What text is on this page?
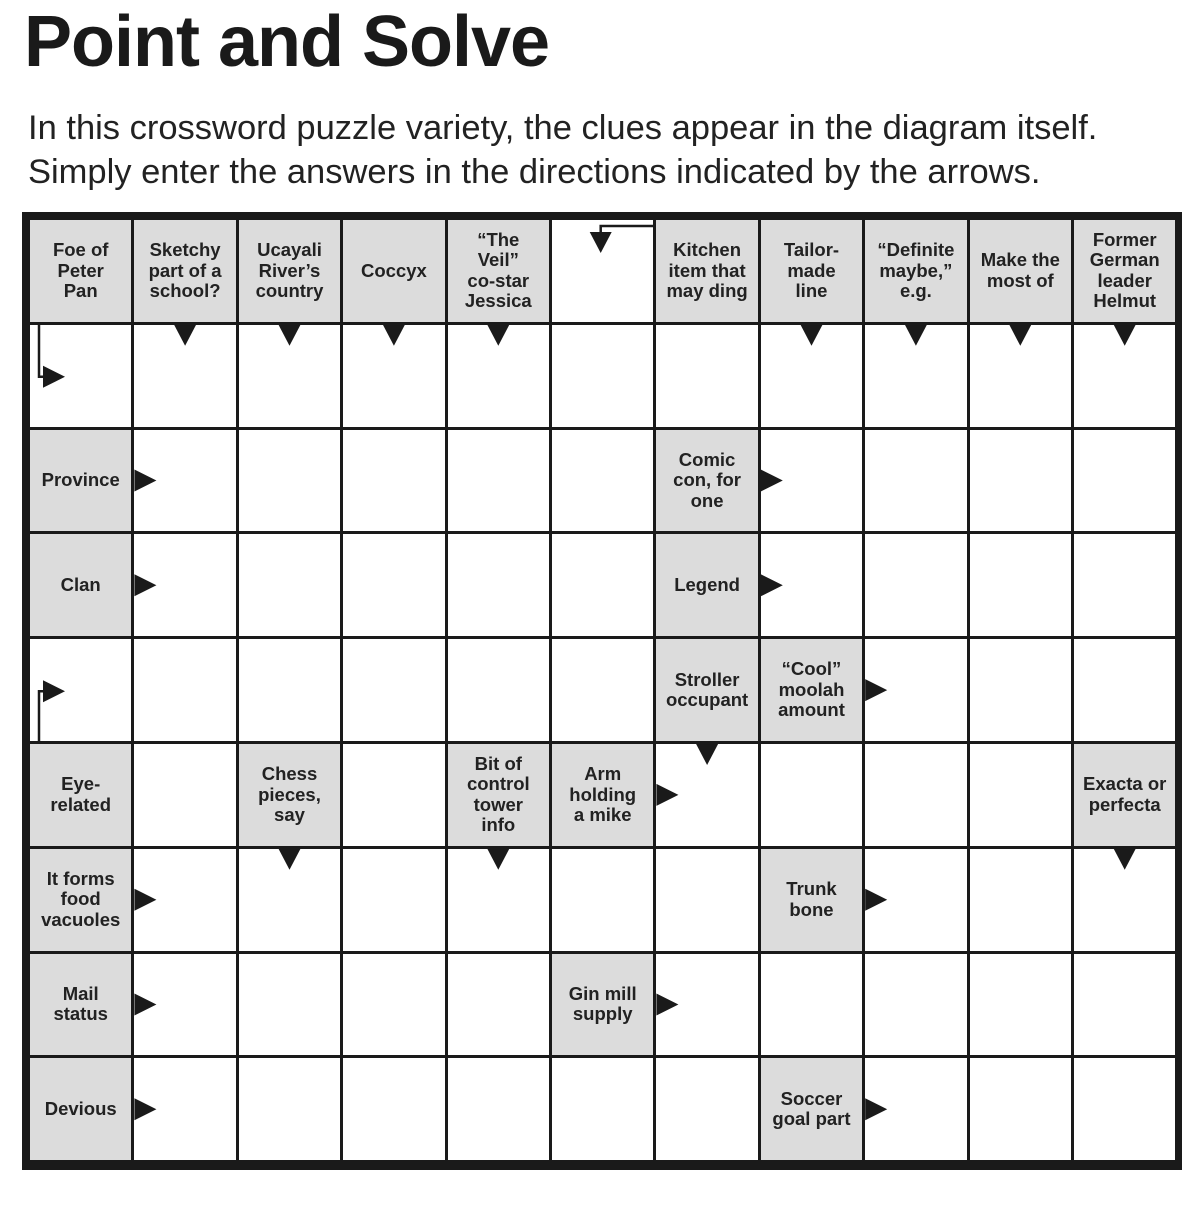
Point and Solve

In this crossword puzzle variety, the clues appear in the diagram itself.
Simply enter the answers in the directions indicated by the arrows.

Foe of
Peter
Pan
Sketchy
part of a
school?
Ucayali
River’s
country
Coccyx
“The
Veil”
co-star
Jessica
Kitchen
item that
may ding
Tailor-
made
line
“Definite
maybe,”
e.g.
Make the
most of
Former
German
leader
Helmut
Province
Comic
con, for
one
Clan	Legend
Stroller
occupant
“Cool”
moolah
amount
Eye-
related
Chess
pieces,
say
Bit of
control
tower
info
Arm
holding
a mike
Exacta or
perfecta
It forms
food
vacuoles
Trunk
bone
Mail
status
Gin mill
supply
Devious	Soccer
goal part
